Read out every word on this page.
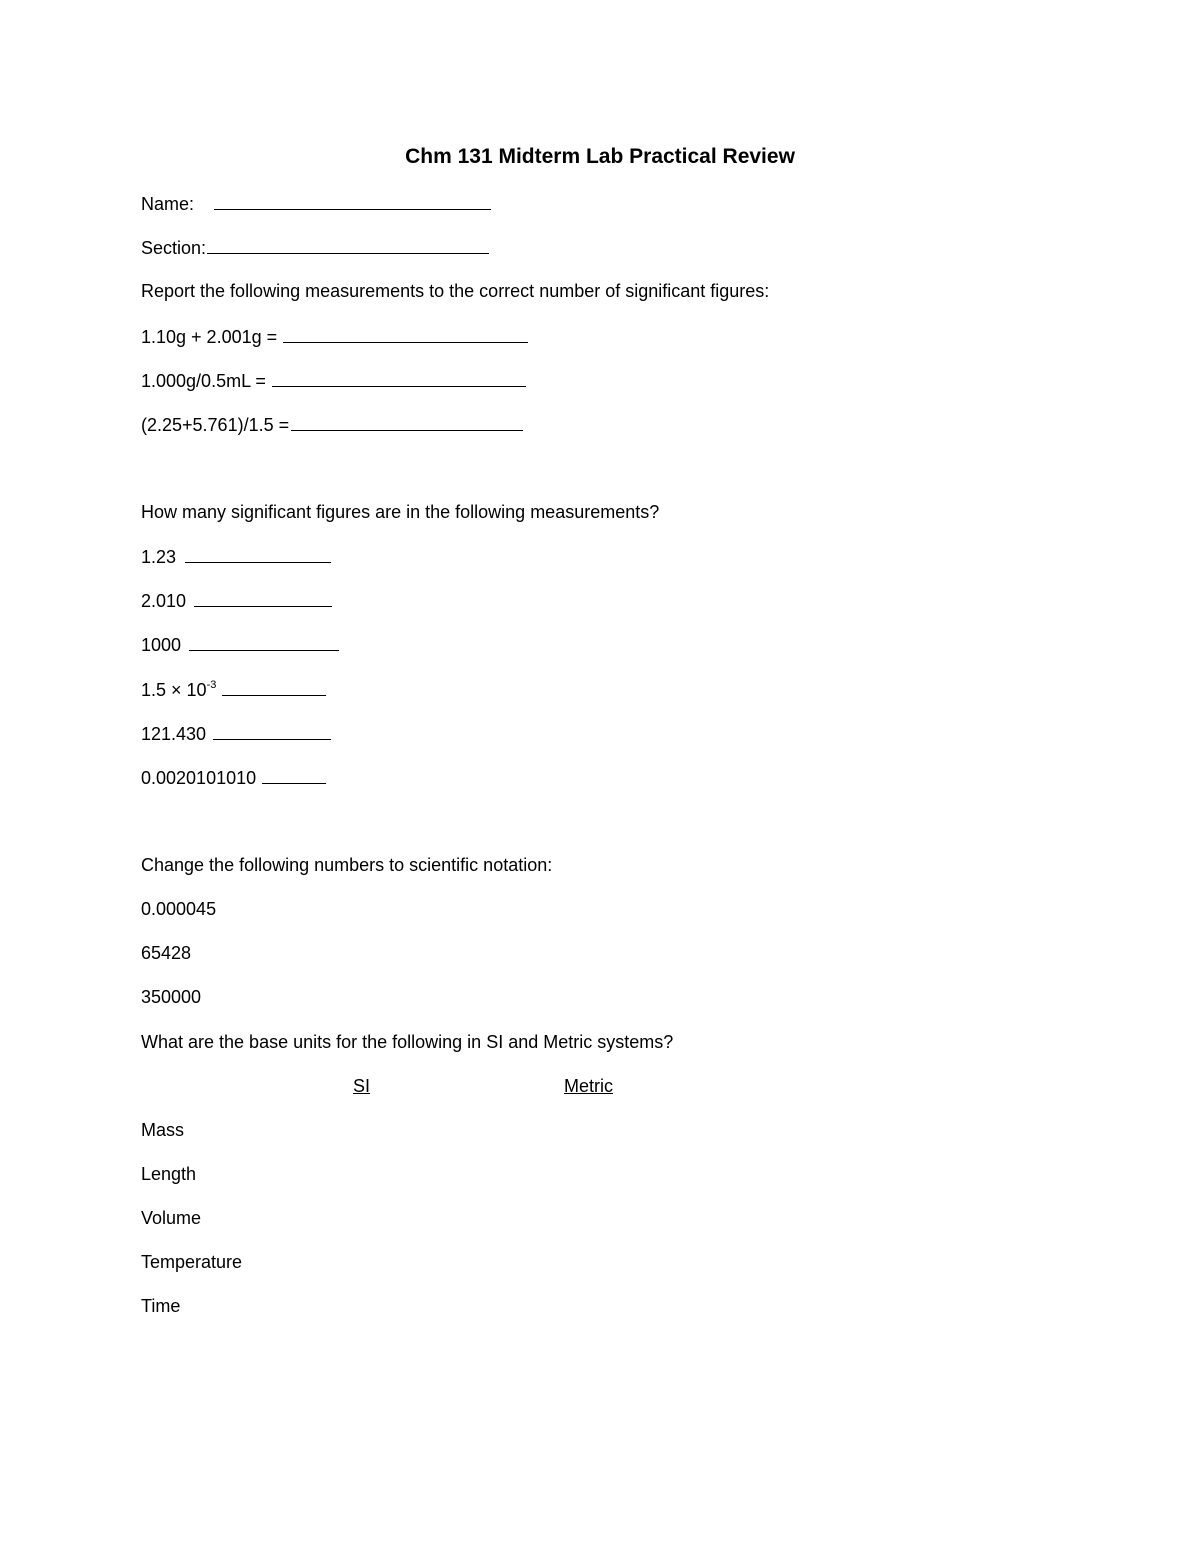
Chm 131 Midterm Lab Practical Review
Name:
Section:
Report the following measurements to the correct number of significant figures:
1.10g + 2.001g =
1.000g/0.5mL =
(2.25+5.761)/1.5 =
How many significant figures are in the following measurements?
1.23
2.010
1000
$1.5 \times 10^{-3}$
121.430
0.0020101010
Change the following numbers to scientific notation:
0.000045
65428
350000
What are the base units for the following in SI and Metric systems?
SI	Metric
Mass
Length
Volume
Temperature
Time
